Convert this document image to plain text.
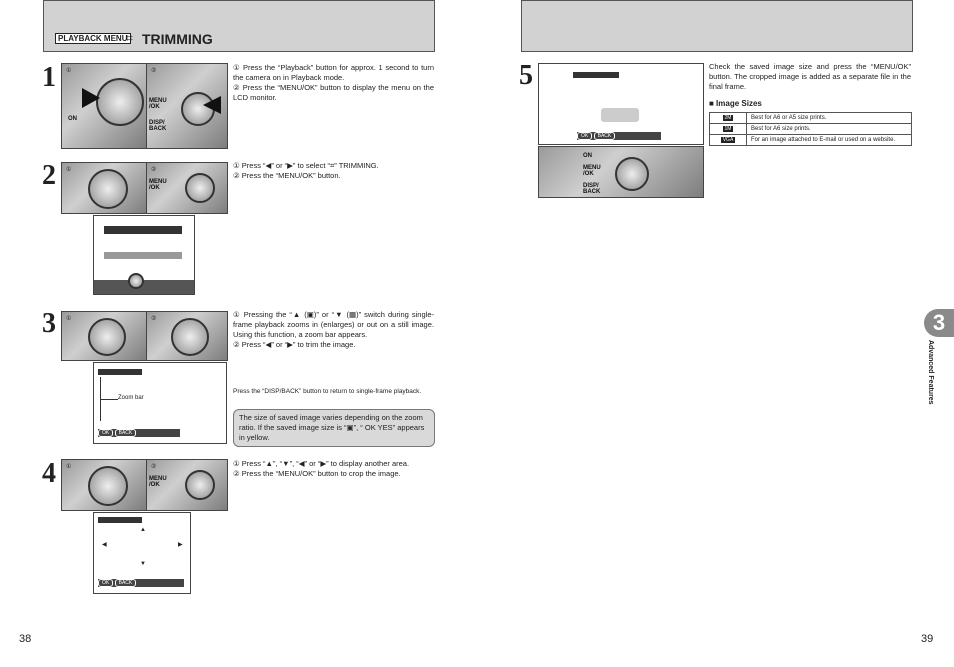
PLAYBACK MENU
⌗ TRIMMING
1 ①
ON
②
MENU
/OK
DISP/
BACK
① Press the “Playback” button for approx. 1 second to turn the camera on in Playback mode.
② Press the “MENU/OK” button to display the menu on the LCD monitor.
2 ①	②
MENU
/OK
① Press “◀” or “▶” to select “⌗” TRIMMING.
② Press the “MENU/OK” button.
3 ①	②
Zoom bar
OK BACK
① Pressing the “▲ (▣)” or “▼ (▦)” switch during single-frame playback zooms in (enlarges) or out on a still image. Using this function, a zoom bar appears.
② Press “◀” or “▶” to trim the image.
Press the “DISP/BACK” button to return to single-frame playback.
The size of saved image varies depending on the zoom ratio. If the saved image size is “▣”, “ OK YES” appears in yellow.
4 ①	②
MENU
/OK
▲
◀	▶
▼
OK BACK
① Press “▲”, “▼”, “◀” or “▶” to display another area.
② Press the “MENU/OK” button to crop the image.
38
5
OK BACK
ON
MENU
/OK
DISP/
BACK
Check the saved image size and press the “MENU/OK” button. The cropped image is added as a separate file in the final frame.
■ Image Sizes
2M	Best for A6 or A5 size prints.
1M	Best for A6 size prints.
VGA	For an image attached to E-mail or used on a website.
3
Advanced Features
39
